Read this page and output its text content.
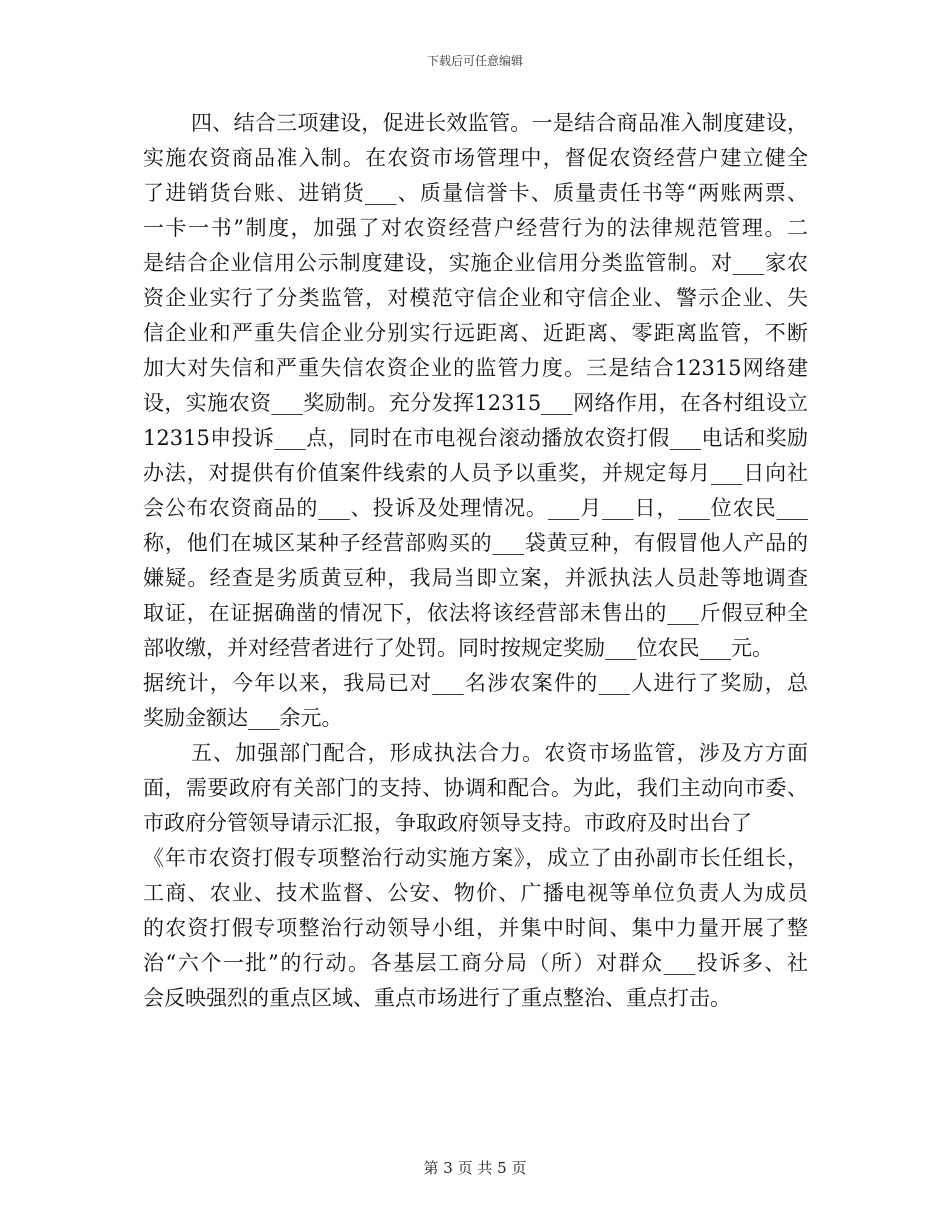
下载后可任意编辑
四、结合三项建设，促进长效监管。一是结合商品准入制度建设，
实施农资商品准入制。在农资市场管理中，督促农资经营户建立健全
了进销货台账、进销货___、质量信誉卡、质量责任书等“两账两票、
一卡一书”制度，加强了对农资经营户经营行为的法律规范管理。二
是结合企业信用公示制度建设，实施企业信用分类监管制。对___家农
资企业实行了分类监管，对模范守信企业和守信企业、警示企业、失
信企业和严重失信企业分别实行远距离、近距离、零距离监管，不断
加大对失信和严重失信农资企业的监管力度。三是结合12315网络建
设，实施农资___奖励制。充分发挥12315___网络作用，在各村组设立
12315申投诉___点，同时在市电视台滚动播放农资打假___电话和奖励
办法，对提供有价值案件线索的人员予以重奖，并规定每月___日向社
会公布农资商品的___、投诉及处理情况。___月___日，___位农民___
称，他们在城区某种子经营部购买的___袋黄豆种，有假冒他人产品的
嫌疑。经查是劣质黄豆种，我局当即立案，并派执法人员赴等地调查
取证，在证据确凿的情况下，依法将该经营部未售出的___斤假豆种全
部收缴，并对经营者进行了处罚。同时按规定奖励___位农民___元。
据统计，今年以来，我局已对___名涉农案件的___人进行了奖励，总
奖励金额达___余元。
五、加强部门配合，形成执法合力。农资市场监管，涉及方方面
面，需要政府有关部门的支持、协调和配合。为此，我们主动向市委、
市政府分管领导请示汇报，争取政府领导支持。市政府及时出台了
《年市农资打假专项整治行动实施方案》，成立了由孙副市长任组长，
工商、农业、技术监督、公安、物价、广播电视等单位负责人为成员
的农资打假专项整治行动领导小组，并集中时间、集中力量开展了整
治“六个一批”的行动。各基层工商分局（所）对群众___投诉多、社
会反映强烈的重点区域、重点市场进行了重点整治、重点打击。
第 3 页 共 5 页
